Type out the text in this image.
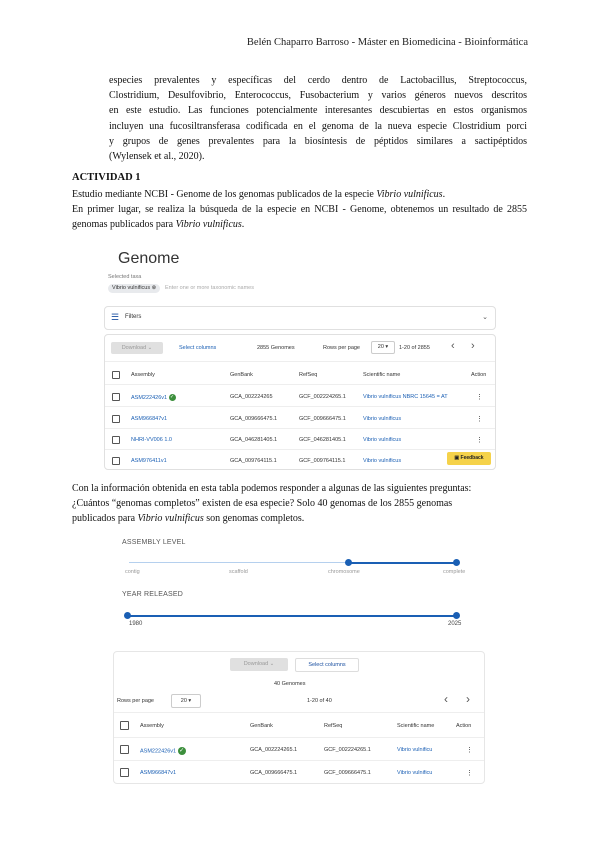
Belén Chaparro Barroso - Máster en Biomedicina - Bioinformática
especies prevalentes y específicas del cerdo dentro de Lactobacillus, Streptococcus,
Clostridium, Desulfovibrio, Enterococcus, Fusobacterium y varios géneros nuevos descritos
en este estudio. Las funciones potencialmente interesantes descubiertas en estos organismos
incluyen una fucosiltransferasa codificada en el genoma de la nueva especie Clostridium porci
y grupos de genes prevalentes para la biosíntesis de péptidos similares a sactipéptidos
(Wylensek et al., 2020).
ACTIVIDAD 1
Estudio mediante NCBI - Genome de los genomas publicados de la especie Vibrio vulnificus.
En primer lugar, se realiza la búsqueda de la especie en NCBI - Genome, obtenemos un resultado de 2855 genomas publicados para Vibrio vulnificus.
Genome
Selected taxa
Vibrio vulnificus ⊗	Enter one or more taxonomic names
☰ Filters	⌄
Download ⌄	Select columns	2855 Genomes	Rows per page	20 ▾	1-20 of 2855 ‹ ›
Assembly	GenBank	RefSeq	Scientific name	Action
ASM222426v1 ✓	GCA_002224265	GCF_002224265.1	Vibrio vulnificus NBRC 15645 = AT	⋮
ASM966847v1	GCA_009666475.1	GCF_009666475.1	Vibrio vulnificus	⋮
NHRI-VV006 1.0	GCA_046281405.1	GCF_046281405.1	Vibrio vulnificus	⋮
ASM976411v1	GCA_009764115.1	GCF_009764115.1	Vibrio vulnificus	▣ Feedback
Con la información obtenida en esta tabla podemos responder a algunas de las siguientes preguntas:
¿Cuántos “genomas completos” existen de esa especie? Solo 40 genomas de los 2855 genomas
publicados para Vibrio vulnificus son genomas completos.
ASSEMBLY LEVEL
contig	scaffold	chromosome	complete
YEAR RELEASED
1980	2025
Download ⌄	Select columns
40 Genomes
Rows per page	20 ▾	1-20 of 40	‹ ›
Assembly	GenBank	RefSeq	Scientific name	Action
ASM222426v1 ✓	GCA_002224265.1	GCF_002224265.1	Vibrio vulnificu	⋮
ASM966847v1	GCA_009666475.1	GCF_009666475.1	Vibrio vulnificu	⋮
